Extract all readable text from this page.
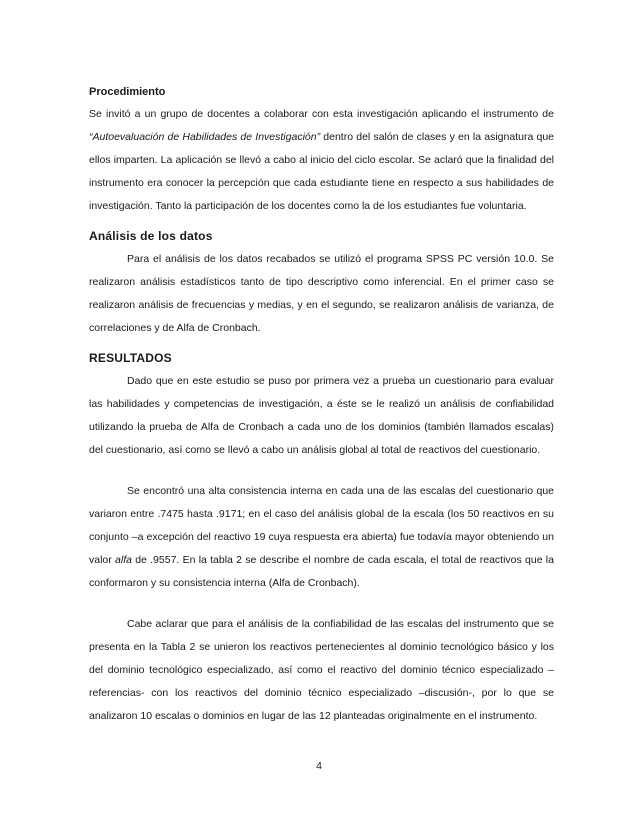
Procedimiento

Se invitó a un grupo de docentes a colaborar con esta investigación aplicando el instrumento de “Autoevaluación de Habilidades de Investigación” dentro del salón de clases y en la asignatura que ellos imparten. La aplicación se llevó a cabo al inicio del ciclo escolar. Se aclaró que la finalidad del instrumento era conocer la percepción que cada estudiante tiene en respecto a sus habilidades de investigación. Tanto la participación de los docentes como la de los estudiantes fue voluntaria.

Análisis de los datos

Para el análisis de los datos recabados se utilizó el programa SPSS PC versión 10.0. Se realizaron análisis estadísticos tanto de tipo descriptivo como inferencial. En el primer caso se realizaron análisis de frecuencias y medias, y en el segundo, se realizaron análisis de varianza, de correlaciones y de Alfa de Cronbach.

RESULTADOS

Dado que en este estudio se puso por primera vez a prueba un cuestionario para evaluar las habilidades y competencias de investigación, a éste se le realizó un análisis de confiabilidad utilizando la prueba de Alfa de Cronbach a cada uno de los dominios (también llamados escalas) del cuestionario, así como se llevó a cabo un análisis global al total de reactivos del cuestionario.

Se encontró una alta consistencia interna en cada una de las escalas del cuestionario que variaron entre .7475 hasta .9171; en el caso del análisis global de la escala (los 50 reactivos en su conjunto –a excepción del reactivo 19 cuya respuesta era abierta) fue todavía mayor obteniendo un valor alfa de .9557. En la tabla 2 se describe el nombre de cada escala, el total de reactivos que la conformaron y su consistencia interna (Alfa de Cronbach).

Cabe aclarar que para el análisis de la confiabilidad de las escalas del instrumento que se presenta en la Tabla 2 se unieron los reactivos pertenecientes al dominio tecnológico básico y los del dominio tecnológico especializado, así como el reactivo del dominio técnico especializado –referencias- con los reactivos del dominio técnico especializado –discusión-, por lo que se analizaron 10 escalas o dominios en lugar de las 12 planteadas originalmente en el instrumento.

4
